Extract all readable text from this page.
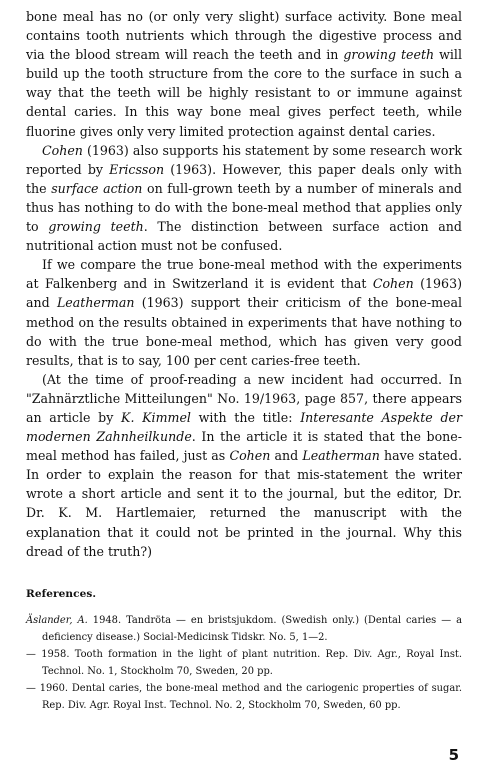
bone meal has no (or only very slight) surface activity. Bone meal contains tooth nutrients which through the digestive process and via the blood stream will reach the teeth and in growing teeth will build up the tooth structure from the core to the surface in such a way that the teeth will be highly resistant to or immune against dental caries. In this way bone meal gives perfect teeth, while fluorine gives only very limited protection against dental caries.

Cohen (1963) also supports his statement by some research work reported by Ericsson (1963). However, this paper deals only with the surface action on full-grown teeth by a number of minerals and thus has nothing to do with the bone-meal method that applies only to growing teeth. The distinction between surface action and nutritional action must not be confused.

If we compare the true bone-meal method with the experiments at Falkenberg and in Switzerland it is evident that Cohen (1963) and Leatherman (1963) support their criticism of the bone-meal method on the results obtained in experiments that have nothing to do with the true bone-meal method, which has given very good results, that is to say, 100 per cent caries-free teeth.

(At the time of proof-reading a new incident had occurred. In "Zahnärztliche Mitteilungen" No. 19/1963, page 857, there appears an article by K. Kimmel with the title: Interesante Aspekte der modernen Zahnheilkunde. In the article it is stated that the bone-meal method has failed, just as Cohen and Leatherman have stated. In order to explain the reason for that mis-statement the writer wrote a short article and sent it to the journal, but the editor, Dr. Dr. K. M. Hartlemaier, returned the manuscript with the explanation that it could not be printed in the journal. Why this dread of the truth?)

References.
Äslander, A. 1948. Tandröta — en bristsjukdom. (Swedish only.) (Dental caries — a deficiency disease.) Social-Medicinsk Tidskr. No. 5, 1—2.
— 1958. Tooth formation in the light of plant nutrition. Rep. Div. Agr., Royal Inst. Technol. No. 1, Stockholm 70, Sweden, 20 pp.
— 1960. Dental caries, the bone-meal method and the cariogenic properties of sugar. Rep. Div. Agr. Royal Inst. Technol. No. 2, Stockholm 70, Sweden, 60 pp.
5
